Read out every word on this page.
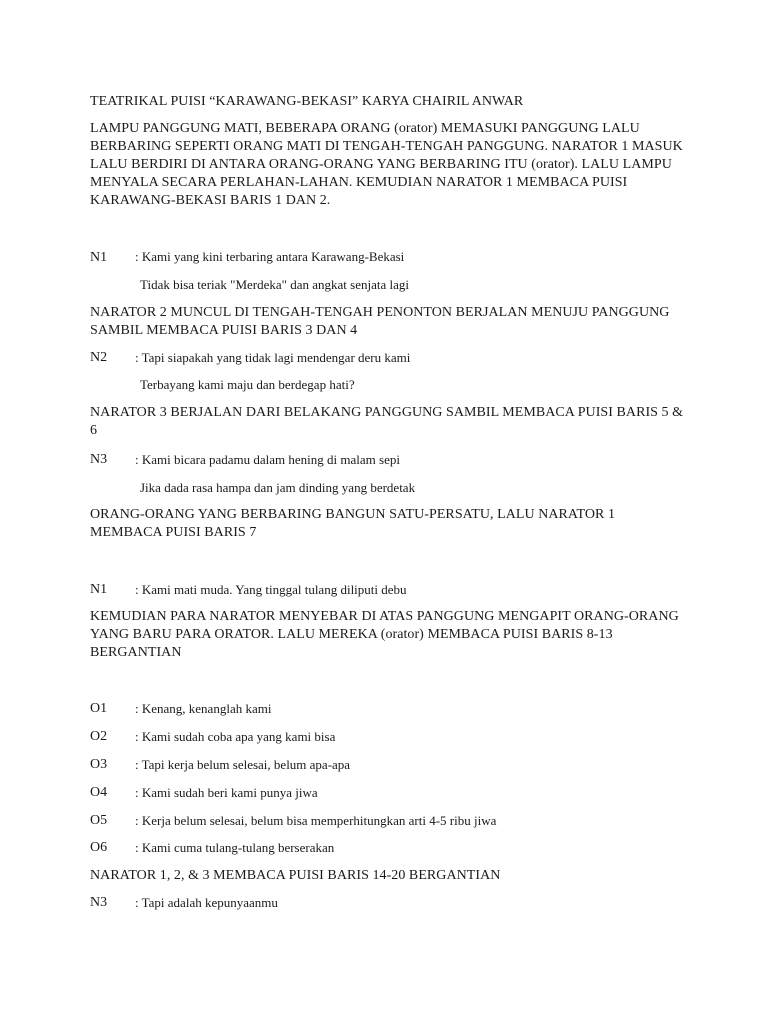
TEATRIKAL PUISI “KARAWANG-BEKASI” KARYA CHAIRIL ANWAR
LAMPU PANGGUNG MATI, BEBERAPA ORANG (orator) MEMASUKI PANGGUNG LALU
BERBARING SEPERTI ORANG MATI DI TENGAH-TENGAH PANGGUNG. NARATOR 1 MASUK
LALU BERDIRI DI ANTARA ORANG-ORANG YANG BERBARING ITU (orator). LALU LAMPU
MENYALA SECARA PERLAHAN-LAHAN. KEMUDIAN NARATOR 1 MEMBACA PUISI
KARAWANG-BEKASI BARIS 1 DAN 2.
N1 : Kami yang kini terbaring antara Karawang-Bekasi
Tidak bisa teriak "Merdeka" dan angkat senjata lagi
NARATOR 2 MUNCUL DI TENGAH-TENGAH PENONTON BERJALAN MENUJU PANGGUNG
SAMBIL MEMBACA PUISI BARIS 3 DAN 4
N2 : Tapi siapakah yang tidak lagi mendengar deru kami
Terbayang kami maju dan berdegap hati?
NARATOR 3 BERJALAN DARI BELAKANG PANGGUNG SAMBIL MEMBACA PUISI BARIS 5 &
6
N3 : Kami bicara padamu dalam hening di malam sepi
Jika dada rasa hampa dan jam dinding yang berdetak
ORANG-ORANG YANG BERBARING BANGUN SATU-PERSATU, LALU NARATOR 1
MEMBACA PUISI BARIS 7
N1 : Kami mati muda. Yang tinggal tulang diliputi debu
KEMUDIAN PARA NARATOR MENYEBAR DI ATAS PANGGUNG MENGAPIT ORANG-ORANG
YANG BARU PARA ORATOR. LALU MEREKA (orator) MEMBACA PUISI BARIS 8-13
BERGANTIAN
O1 : Kenang, kenanglah kami
O2 : Kami sudah coba apa yang kami bisa
O3 : Tapi kerja belum selesai, belum apa-apa
O4 : Kami sudah beri kami punya jiwa
O5 : Kerja belum selesai, belum bisa memperhitungkan arti 4-5 ribu jiwa
O6 : Kami cuma tulang-tulang berserakan
NARATOR 1, 2, & 3 MEMBACA PUISI BARIS 14-20 BERGANTIAN
N3 : Tapi adalah kepunyaanmu
